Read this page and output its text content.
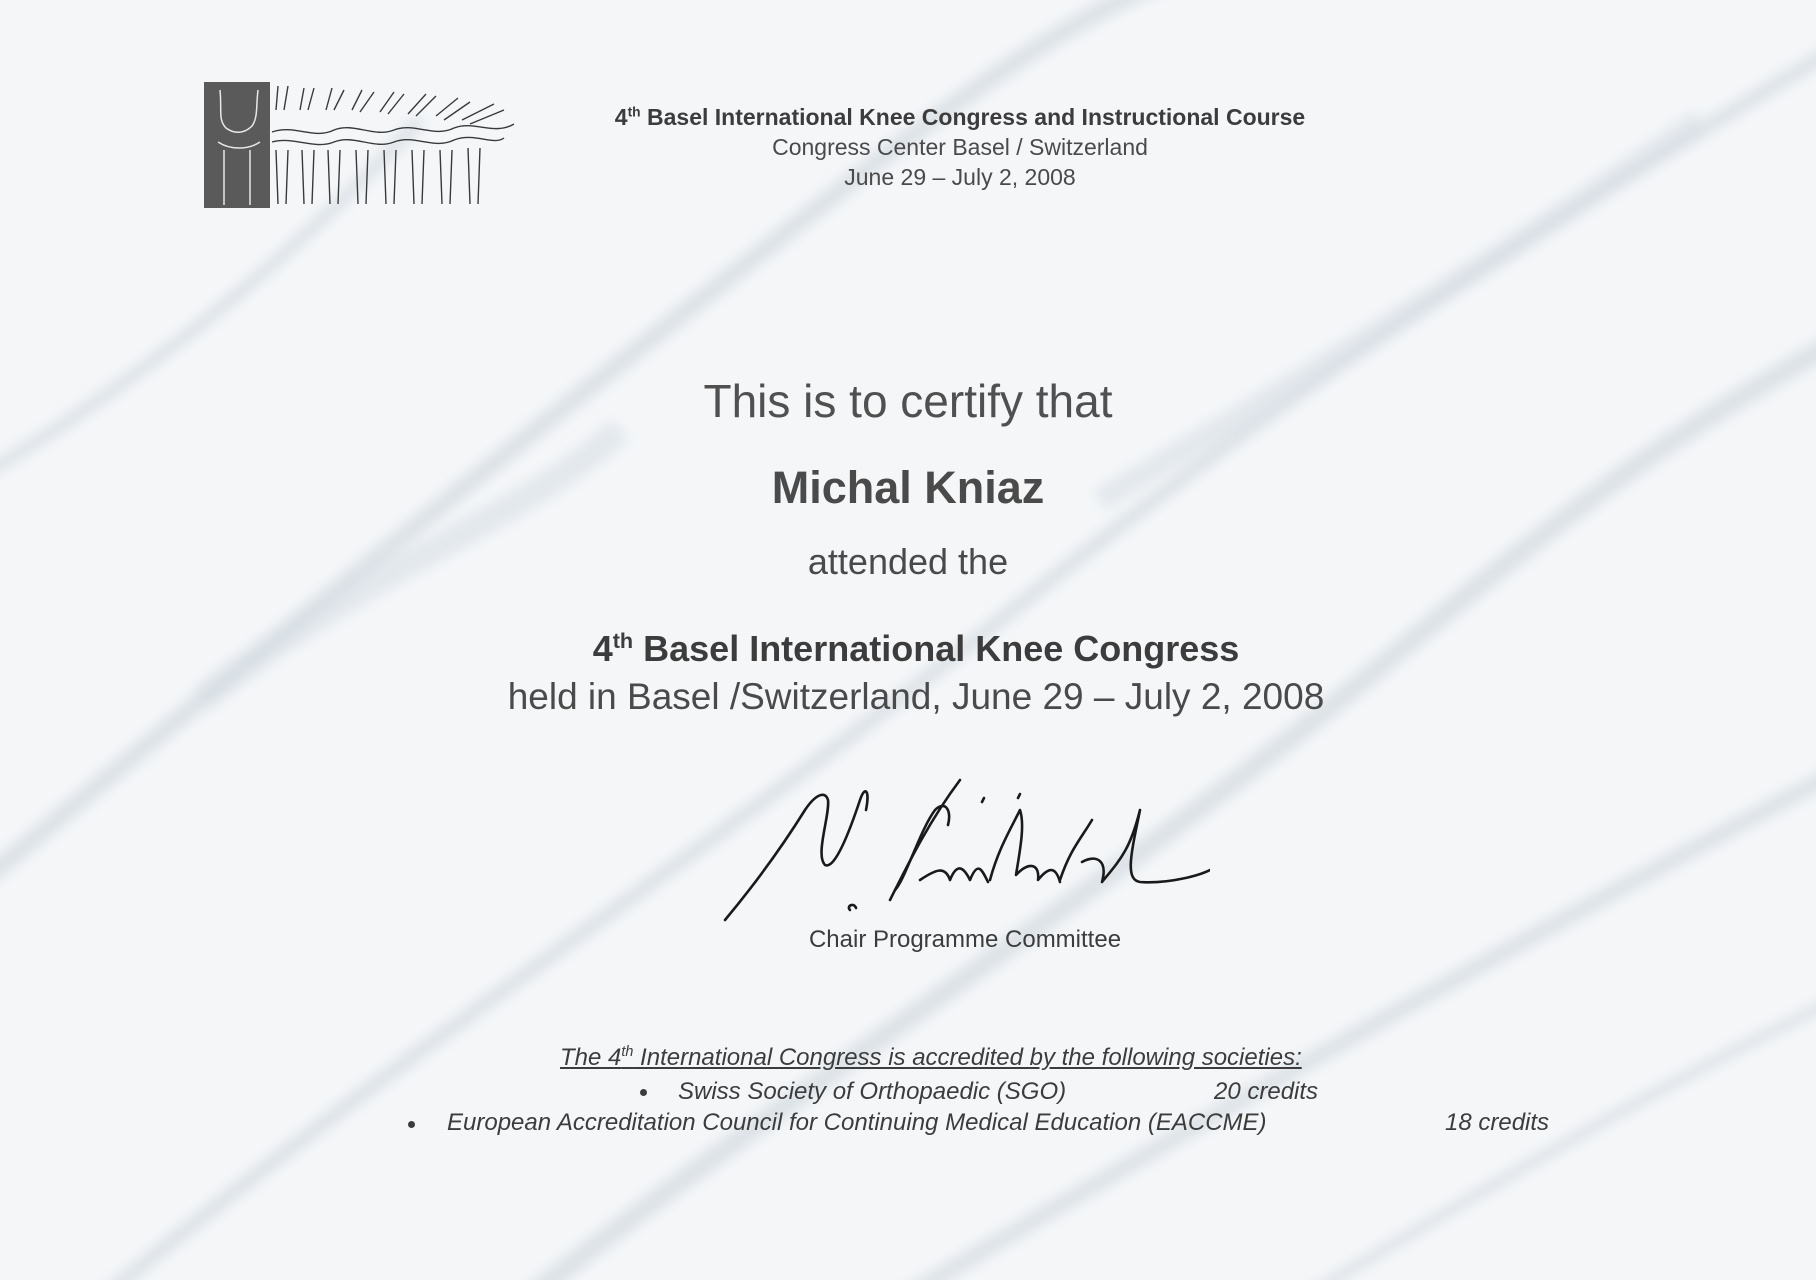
4th Basel International Knee Congress and Instructional Course
Congress Center Basel / Switzerland
June 29 – July 2, 2008
This is to certify that
Michal Kniaz
attended the
4th Basel International Knee Congress
held in Basel /Switzerland, June 29 – July 2, 2008
Chair Programme Committee
The 4th International Congress is accredited by the following societies:
Swiss Society of Orthopaedic (SGO)	20 credits
European Accreditation Council for Continuing Medical Education (EACCME)	18 credits
